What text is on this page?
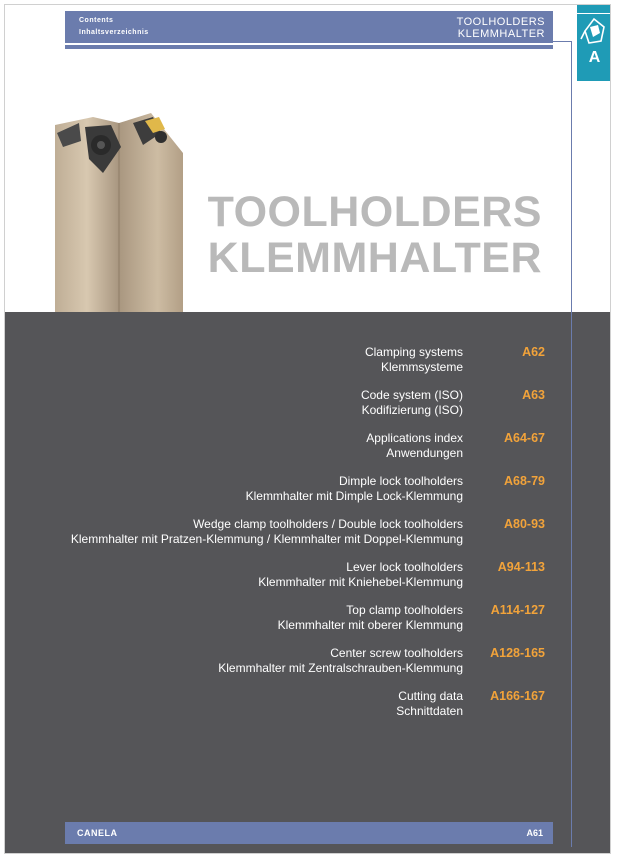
Contents
Inhaltsverzeichnis
TOOLHOLDERS
KLEMMHALTER
A
TOOLHOLDERS
KLEMMHALTER
Clamping systems
Klemmsysteme
A62
Code system (ISO)
Kodifizierung (ISO)
A63
Applications index
Anwendungen
A64-67
Dimple lock toolholders
Klemmhalter mit Dimple Lock-Klemmung
A68-79
Wedge clamp toolholders / Double lock toolholders
Klemmhalter mit Pratzen-Klemmung / Klemmhalter mit Doppel-Klemmung
A80-93
Lever lock toolholders
Klemmhalter mit Kniehebel-Klemmung
A94-113
Top clamp toolholders
Klemmhalter mit oberer Klemmung
A114-127
Center screw toolholders
Klemmhalter mit Zentralschrauben-Klemmung
A128-165
Cutting data
Schnittdaten
A166-167
CANELA	A61
